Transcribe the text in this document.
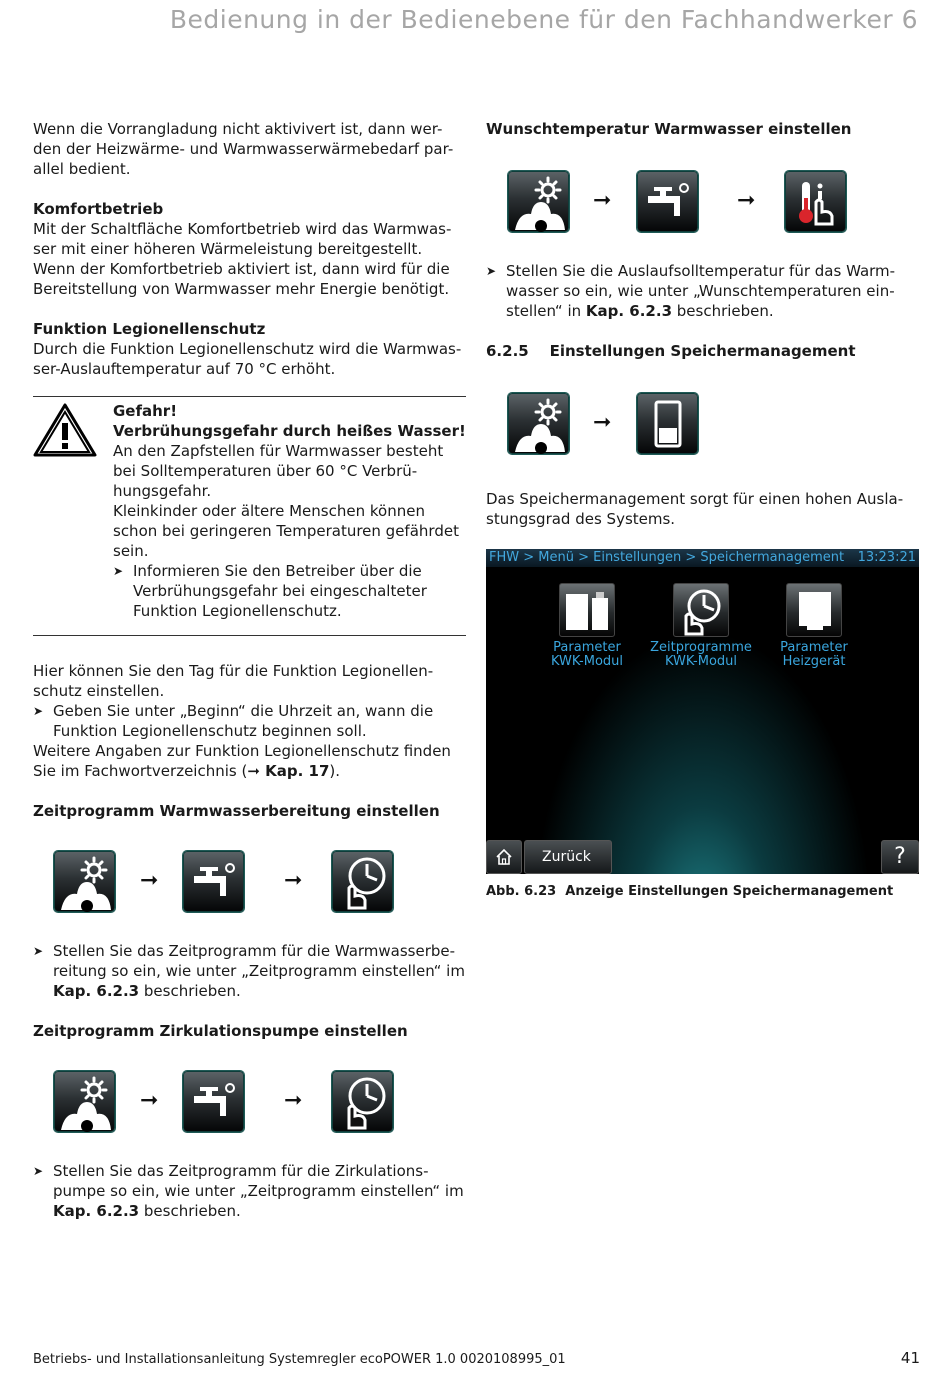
Bedienung in der Bedienebene für den Fachhandwerker 6

Wenn die Vorrangladung nicht aktivivert ist, dann wer-den der Heizwärme- und Warmwasserwärmebedarf par-allel bedient.

Komfortbetrieb

Mit der Schaltfläche Komfortbetrieb wird das Warmwas-ser mit einer höheren Wärmeleistung bereitgestellt. Wenn der Komfortbetrieb aktiviert ist, dann wird für die Bereitstellung von Warmwasser mehr Energie benötigt.

Funktion Legionellenschutz

Durch die Funktion Legionellenschutz wird die Warmwas-ser-Auslauftemperatur auf 70 °C erhöht.

Gefahr!

Verbrühungsgefahr durch heißes Wasser!

An den Zapfstellen für Warmwasser besteht bei Solltemperaturen über 60 °C Verbrü-hungsgefahr.

Kleinkinder oder ältere Menschen können schon bei geringeren Temperaturen gefährdet sein.

➤ Informieren Sie den Betreiber über die Verbrühungsgefahr bei eingeschalteter Funktion Legionellenschutz.

Hier können Sie den Tag für die Funktion Legionellen-schutz einstellen.

➤ Geben Sie unter „Beginn“ die Uhrzeit an, wann die Funktion Legionellenschutz beginnen soll.

Weitere Angaben zur Funktion Legionellenschutz finden Sie im Fachwortverzeichnis (➞ Kap. 17).

Zeitprogramm Warmwasserbereitung einstellen

➞	➞

➤ Stellen Sie das Zeitprogramm für die Warmwasserbe-reitung so ein, wie unter „Zeitprogramm einstellen“ im Kap. 6.2.3 beschrieben.

Zeitprogramm Zirkulationspumpe einstellen

➞	➞

➤ Stellen Sie das Zeitprogramm für die Zirkulations-pumpe so ein, wie unter „Zeitprogramm einstellen“ im Kap. 6.2.3 beschrieben.

Wunschtemperatur Warmwasser einstellen

➞	➞

➤ Stellen Sie die Auslaufsolltemperatur für das Warm-wasser so ein, wie unter „Wunschtemperaturen ein-stellen“ in Kap. 6.2.3 beschrieben.

6.2.5 Einstellungen Speichermanagement

➞

Das Speichermanagement sorgt für einen hohen Ausla-stungsgrad des Systems.

FHW > Menü > Einstellungen > Speichermanagement 13:23:21
Parameter
KWK-Modul
Zeitprogramme
KWK-Modul
Parameter
Heizgerät
Zurück	?

Abb. 6.23 Anzeige Einstellungen Speichermanagement

Betriebs- und Installationsanleitung Systemregler ecoPOWER 1.0 0020108995_01	41
